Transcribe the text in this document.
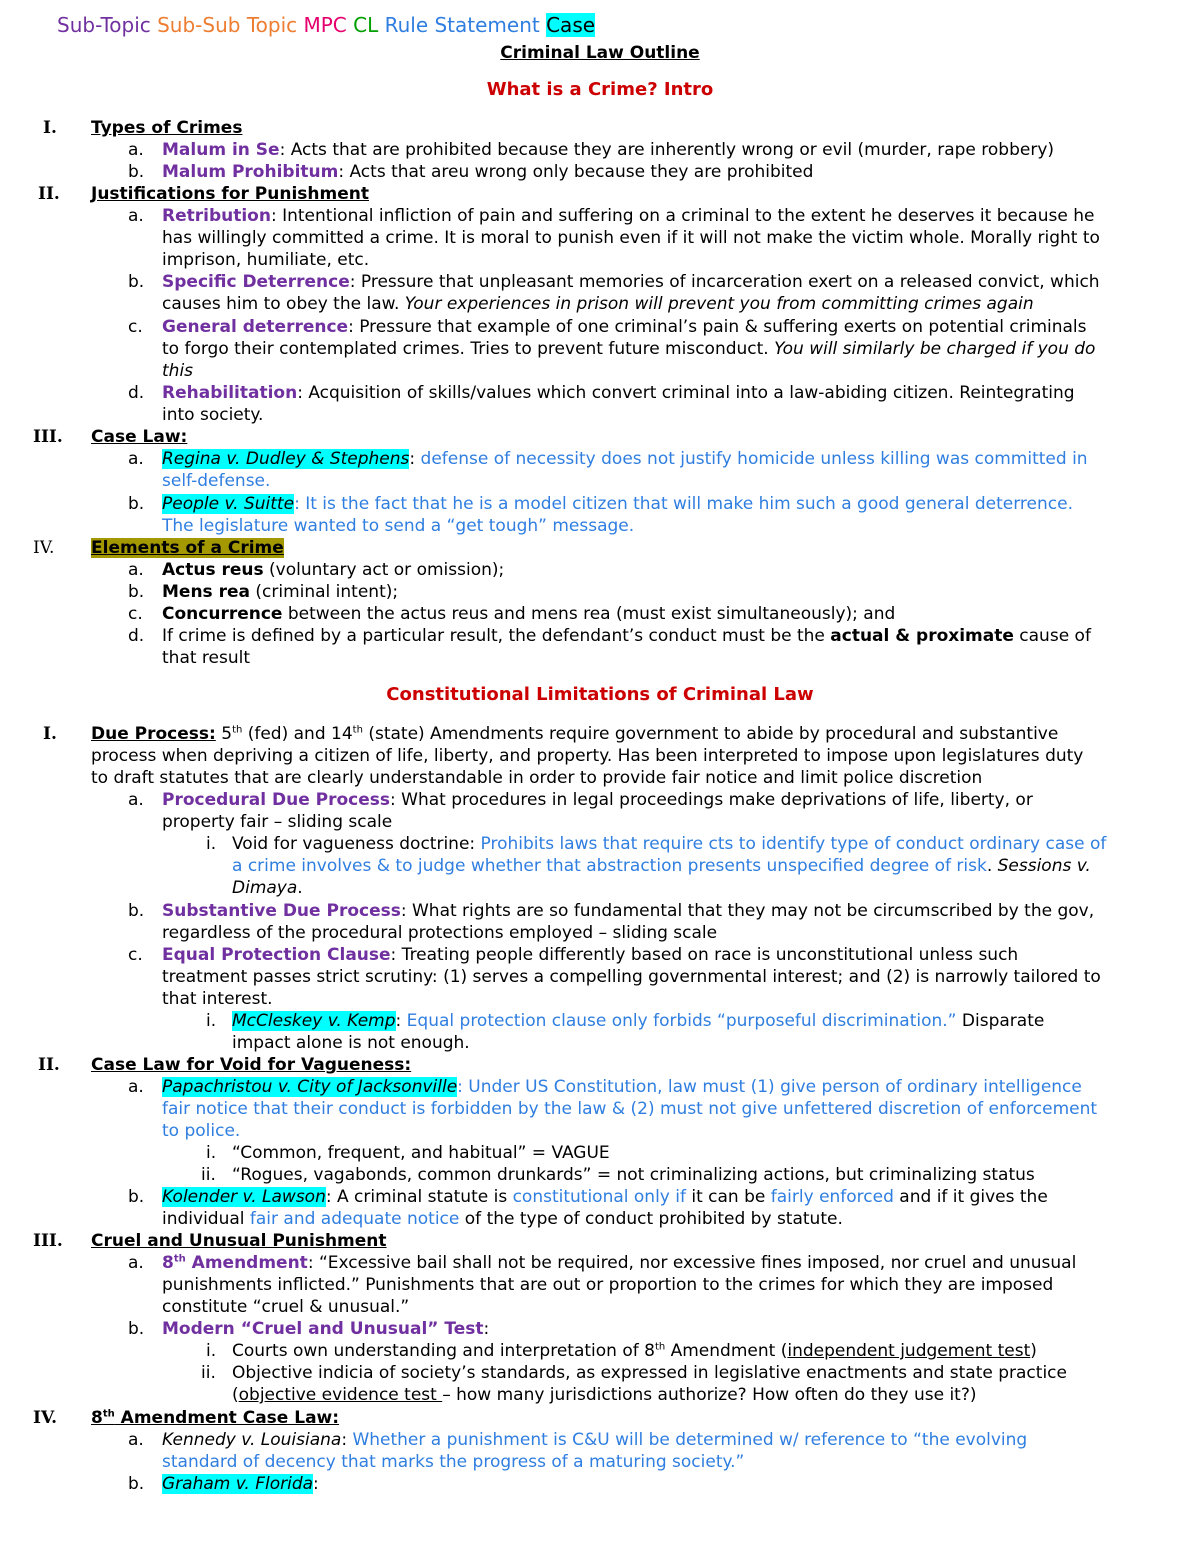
Sub-Topic Sub-Sub Topic MPC CL Rule Statement Case
Criminal Law Outline
What is a Crime? Intro
I. Types of Crimes
a. Malum in Se: Acts that are prohibited because they are inherently wrong or evil (murder, rape robbery)
b. Malum Prohibitum: Acts that areu wrong only because they are prohibited
II. Justifications for Punishment
a. Retribution: Intentional infliction of pain and suffering on a criminal to the extent he deserves it because he
has willingly committed a crime. It is moral to punish even if it will not make the victim whole. Morally right to
imprison, humiliate, etc.
b. Specific Deterrence: Pressure that unpleasant memories of incarceration exert on a released convict, which
causes him to obey the law. Your experiences in prison will prevent you from committing crimes again
c. General deterrence: Pressure that example of one criminal’s pain & suffering exerts on potential criminals
to forgo their contemplated crimes. Tries to prevent future misconduct. You will similarly be charged if you do
this
d. Rehabilitation: Acquisition of skills/values which convert criminal into a law-abiding citizen. Reintegrating
into society.
III. Case Law:
a. Regina v. Dudley & Stephens: defense of necessity does not justify homicide unless killing was committed in
self-defense.
b. People v. Suitte: It is the fact that he is a model citizen that will make him such a good general deterrence.
The legislature wanted to send a “get tough” message.
IV. Elements of a Crime
a. Actus reus (voluntary act or omission);
b. Mens rea (criminal intent);
c. Concurrence between the actus reus and mens rea (must exist simultaneously); and
d. If crime is defined by a particular result, the defendant’s conduct must be the actual & proximate cause of
that result
Constitutional Limitations of Criminal Law
I. Due Process: 5th (fed) and 14th (state) Amendments require government to abide by procedural and substantive
process when depriving a citizen of life, liberty, and property. Has been interpreted to impose upon legislatures duty
to draft statutes that are clearly understandable in order to provide fair notice and limit police discretion
a. Procedural Due Process: What procedures in legal proceedings make deprivations of life, liberty, or
property fair – sliding scale
i. Void for vagueness doctrine: Prohibits laws that require cts to identify type of conduct ordinary case of
a crime involves & to judge whether that abstraction presents unspecified degree of risk. Sessions v.
Dimaya.
b. Substantive Due Process: What rights are so fundamental that they may not be circumscribed by the gov,
regardless of the procedural protections employed – sliding scale
c. Equal Protection Clause: Treating people differently based on race is unconstitutional unless such
treatment passes strict scrutiny: (1) serves a compelling governmental interest; and (2) is narrowly tailored to
that interest.
i. McCleskey v. Kemp: Equal protection clause only forbids “purposeful discrimination.” Disparate
impact alone is not enough.
II. Case Law for Void for Vagueness:
a. Papachristou v. City of Jacksonville: Under US Constitution, law must (1) give person of ordinary intelligence
fair notice that their conduct is forbidden by the law & (2) must not give unfettered discretion of enforcement
to police.
i. “Common, frequent, and habitual” = VAGUE
ii. “Rogues, vagabonds, common drunkards” = not criminalizing actions, but criminalizing status
b. Kolender v. Lawson: A criminal statute is constitutional only if it can be fairly enforced and if it gives the
individual fair and adequate notice of the type of conduct prohibited by statute.
III. Cruel and Unusual Punishment
a. 8th Amendment: “Excessive bail shall not be required, nor excessive fines imposed, nor cruel and unusual
punishments inflicted.” Punishments that are out or proportion to the crimes for which they are imposed
constitute “cruel & unusual.”
b. Modern “Cruel and Unusual” Test:
i. Courts own understanding and interpretation of 8th Amendment (independent judgement test)
ii. Objective indicia of society’s standards, as expressed in legislative enactments and state practice
(objective evidence test – how many jurisdictions authorize? How often do they use it?)
IV. 8th Amendment Case Law:
a. Kennedy v. Louisiana: Whether a punishment is C&U will be determined w/ reference to “the evolving
standard of decency that marks the progress of a maturing society.”
b. Graham v. Florida:
